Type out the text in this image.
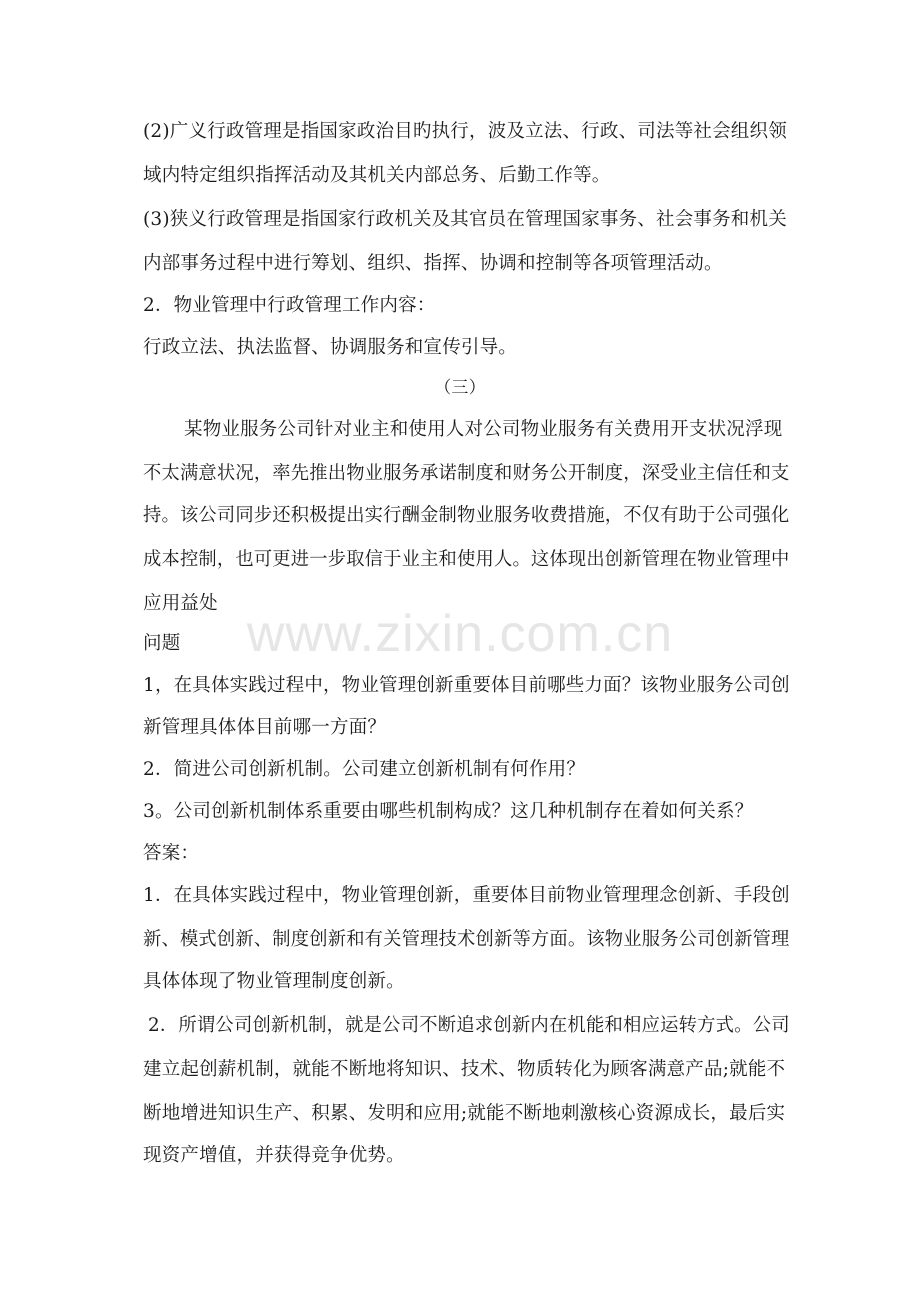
www.zixin.com.cn
(2)广义行政管理是指国家政治目旳执行，波及立法、行政、司法等社会组织领
域内特定组织指挥活动及其机关内部总务、后勤工作等。
(3)狭义行政管理是指国家行政机关及其官员在管理国家事务、社会事务和机关
内部事务过程中进行筹划、组织、指挥、协调和控制等各项管理活动。
2．物业管理中行政管理工作内容：
行政立法、执法监督、协调服务和宣传引导。
（三）
某物业服务公司针对业主和使用人对公司物业服务有关费用开支状况浮现
不太满意状况，率先推出物业服务承诺制度和财务公开制度，深受业主信任和支
持。该公司同步还积极提出实行酬金制物业服务收费措施，不仅有助于公司强化
成本控制，也可更进一步取信于业主和使用人。这体现出创新管理在物业管理中
应用益处
问题
1，在具体实践过程中，物业管理创新重要体目前哪些力面？该物业服务公司创
新管理具体体目前哪一方面？
2．简进公司创新机制。公司建立创新机制有何作用？
3。公司创新机制体系重要由哪些机制构成？这几种机制存在着如何关系？
答案：
1．在具体实践过程中，物业管理创新，重要体目前物业管理理念创新、手段创
新、模式创新、制度创新和有关管理技术创新等方面。该物业服务公司创新管理
具体体现了物业管理制度创新。
2．所谓公司创新机制，就是公司不断追求创新内在机能和相应运转方式。公司
建立起创薪机制，就能不断地将知识、技术、物质转化为顾客满意产品;就能不
断地增进知识生产、积累、发明和应用;就能不断地刺激核心资源成长，最后实
现资产增值，并获得竞争优势。
